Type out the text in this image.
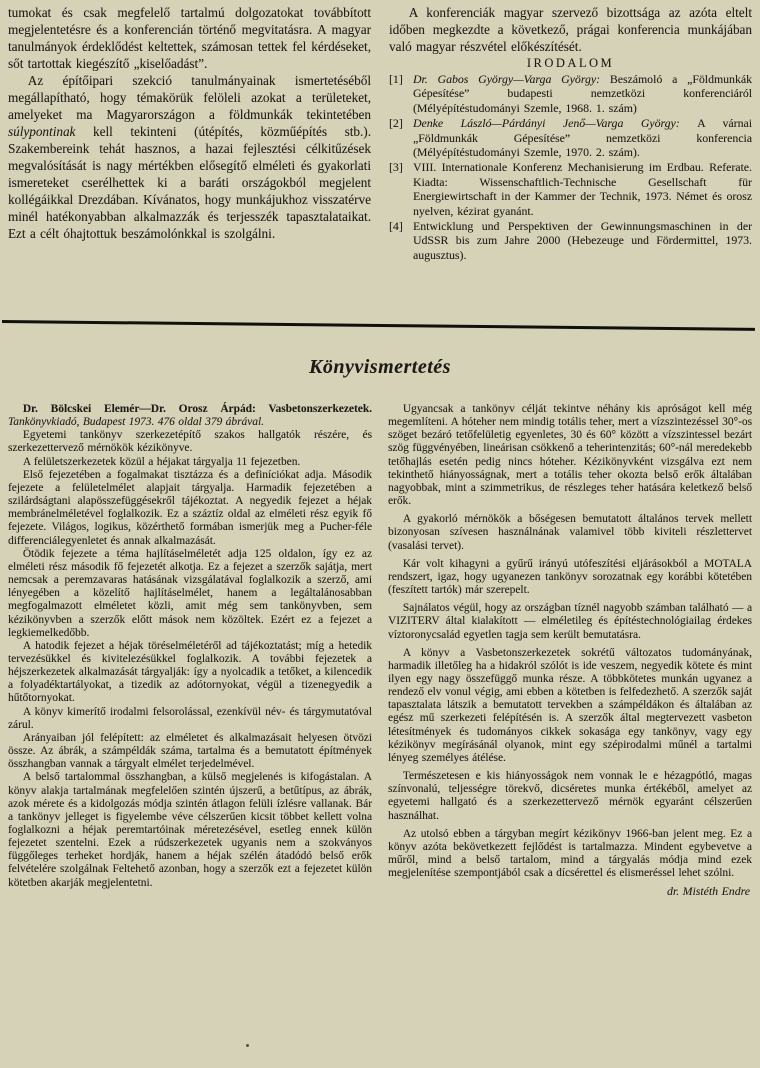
tumokat és csak megfelelő tartalmú dolgozatokat továbbított megjelentetésre és a konferencián történő megvitatásra. A magyar tanulmányok érdeklődést keltettek, számosan tettek fel kérdéseket, sőt tartottak kiegészítő „kiselőadást”.

Az építőipari szekció tanulmányainak ismertetéséből megállapítható, hogy témakörük felöleli azokat a területeket, amelyeket ma Magyarországon a földmunkák tekintetében súlypontinak kell tekinteni (útépítés, közműépítés stb.). Szakembereink tehát hasznos, a hazai fejlesztési célkitűzések megvalósítását is nagy mértékben elősegítő elméleti és gyakorlati ismereteket cserélhettek ki a baráti országokból megjelent kollégáikkal Drezdában. Kívánatos, hogy munkájukhoz visszatérve minél hatékonyabban alkalmazzák és terjesszék tapasztalataikat. Ezt a célt óhajtottuk beszámolónkkal is szolgálni.

A konferenciák magyar szervező bizottsága az azóta eltelt időben megkezdte a következő, prágai konferencia munkájában való magyar részvétel előkészítését.

IRODALOM

[1] Dr. Gabos György—Varga György: Beszámoló a „Földmunkák Gépesítése” budapesti nemzetközi konferenciáról (Mélyépítéstudományi Szemle, 1968. 1. szám)
[2] Denke László—Párdányi Jenő—Varga György: A várnai „Földmunkák Gépesítése” nemzetközi konferencia (Mélyépítéstudományi Szemle, 1970. 2. szám).
[3] VIII. Internationale Konferenz Mechanisierung im Erdbau. Referate. Kiadta: Wissenschaftlich-Technische Gesellschaft für Energiewirtschaft in der Kammer der Technik, 1973. Német és orosz nyelven, kézirat gyanánt.
[4] Entwicklung und Perspektiven der Gewinnungsmaschinen in der UdSSR bis zum Jahre 2000 (Hebezeuge und Fördermittel, 1973. augusztus).
Könyvismertetés

Dr. Bölcskei Elemér—Dr. Orosz Árpád: Vasbetonszerkezetek. Tankönyvkiadó, Budapest 1973. 476 oldal 379 ábrával.

Egyetemi tankönyv szerkezetépítő szakos hallgatók részére, és szerkezettervező mérnökök kézikönyve.

A felületszerkezetek közül a héjakat tárgyalja 11 fejezetben.

Első fejezetében a fogalmakat tisztázza és a definíciókat adja. Második fejezete a felületelmélet alapjait tárgyalja. Harmadik fejezetében a szilárdságtani alapösszefüggésekről tájékoztat. A negyedik fejezet a héjak membránelméletével foglalkozik. Ez a száztíz oldal az elméleti rész egyik fő fejezete. Világos, logikus, közérthető formában ismerjük meg a Pucher-féle differenciálegyenletet és annak alkalmazását.

Ötödik fejezete a téma hajlításelméletét adja 125 oldalon, így ez az elméleti rész második fő fejezetét alkotja. Ez a fejezet a szerzők sajátja, mert nemcsak a peremzavaras hatásának vizsgálatával foglalkozik a szerző, ami lényegében a közelítő hajlításelmélet, hanem a legáltalánosabban megfogalmazott elméletet közli, amit még sem tankönyvben, sem kézikönyvben a szerzők előtt mások nem közöltek. Ezért ez a fejezet a legkiemelkedőbb.

A hatodik fejezet a héjak töréselméletéről ad tájékoztatást; míg a hetedik tervezésükkel és kivitelezésükkel foglalkozik. A további fejezetek a héjszerkezetek alkalmazását tárgyalják: így a nyolcadik a tetőket, a kilencedik a folyadéktartályokat, a tizedik az adótornyokat, végül a tizenegyedik a hűtőtornyokat.

A könyv kimerítő irodalmi felsorolással, ezenkívül név- és tárgymutatóval zárul.

Arányaiban jól felépített: az elméletet és alkalmazásait helyesen ötvözi össze. Az ábrák, a számpéldák száma, tartalma és a bemutatott építmények összhangban vannak a tárgyalt elmélet terjedelmével.

A belső tartalommal összhangban, a külső megjelenés is kifogástalan. A könyv alakja tartalmának megfelelően szintén újszerű, a betűtípus, az ábrák, azok mérete és a kidolgozás módja szintén átlagon felüli ízlésre vallanak. Bár a tankönyv jelleget is figyelembe véve célszerűen kicsit többet kellett volna foglalkozni a héjak peremtartóinak méretezésével, esetleg ennek külön fejezetet szentelni. Ezek a rúdszerkezetek ugyanis nem a szokványos függőleges terheket hordják, hanem a héjak szélén átadódó belső erők felvételére szolgálnak Feltehető azonban, hogy a szerzők ezt a fejezetet külön kötetben akarják megjelentetni.

Ugyancsak a tankönyv célját tekintve néhány kis apróságot kell még megemlíteni. A hóteher nem mindig totális teher, mert a vízszintezéssel 30°-os szöget bezáró tetőfelületig egyenletes, 30 és 60° között a vízszintessel bezárt szög függvényében, lineárisan csökkenő a teherintenzitás; 60°-nál meredekebb tetőhajlás esetén pedig nincs hóteher. Kézikönyvként vizsgálva ezt nem tekinthető hiányosságnak, mert a totális teher okozta belső erők általában nagyobbak, mint a szimmetrikus, de részleges teher hatására keletkező belső erők.

A gyakorló mérnökök a bőségesen bemutatott általános tervek mellett bizonyosan szívesen használnának valamivel több kiviteli részlettervet (vasalási tervet).

Kár volt kihagyni a gyűrű irányú utófeszítési eljárásokból a MOTALA rendszert, igaz, hogy ugyanezen tankönyv sorozatnak egy korábbi kötetében (feszített tartók) már szerepelt.

Sajnálatos végül, hogy az országban tíznél nagyobb számban található — a VIZITERV által kialakított — elméletileg és építéstechnológiailag érdekes víztoronycsalád egyetlen tagja sem került bemutatásra.

A könyv a Vasbetonszerkezetek sokrétű változatos tudományának, harmadik illetőleg ha a hidakról szólót is ide veszem, negyedik kötete és mint ilyen egy nagy összefüggő munka része. A többkötetes munkán ugyanez a rendező elv vonul végig, ami ebben a kötetben is felfedezhető. A szerzők saját tapasztalata látszik a bemutatott tervekben a számpéldákon és általában az egész mű szerkezeti felépítésén is. A szerzők által megtervezett vasbeton létesítmények és tudományos cikkek sokasága egy tankönyv, vagy egy kézikönyv megírásánál olyanok, mint egy szépirodalmi műnél a tartalmi lényeg személyes átélése.

Természetesen e kis hiányosságok nem vonnak le e hézagpótló, magas színvonalú, teljességre törekvő, dicséretes munka értékéből, amelyet az egyetemi hallgató és a szerkezettervező mérnök egyaránt célszerűen használhat.

Az utolsó ebben a tárgyban megírt kézikönyv 1966-ban jelent meg. Ez a könyv azóta bekövetkezett fejlődést is tartalmazza. Mindent egybevetve a műről, mind a belső tartalom, mind a tárgyalás módja mind ezek megjelenítése szempontjából csak a dícsérettel és elismeréssel lehet szólni.

dr. Mistéth Endre
